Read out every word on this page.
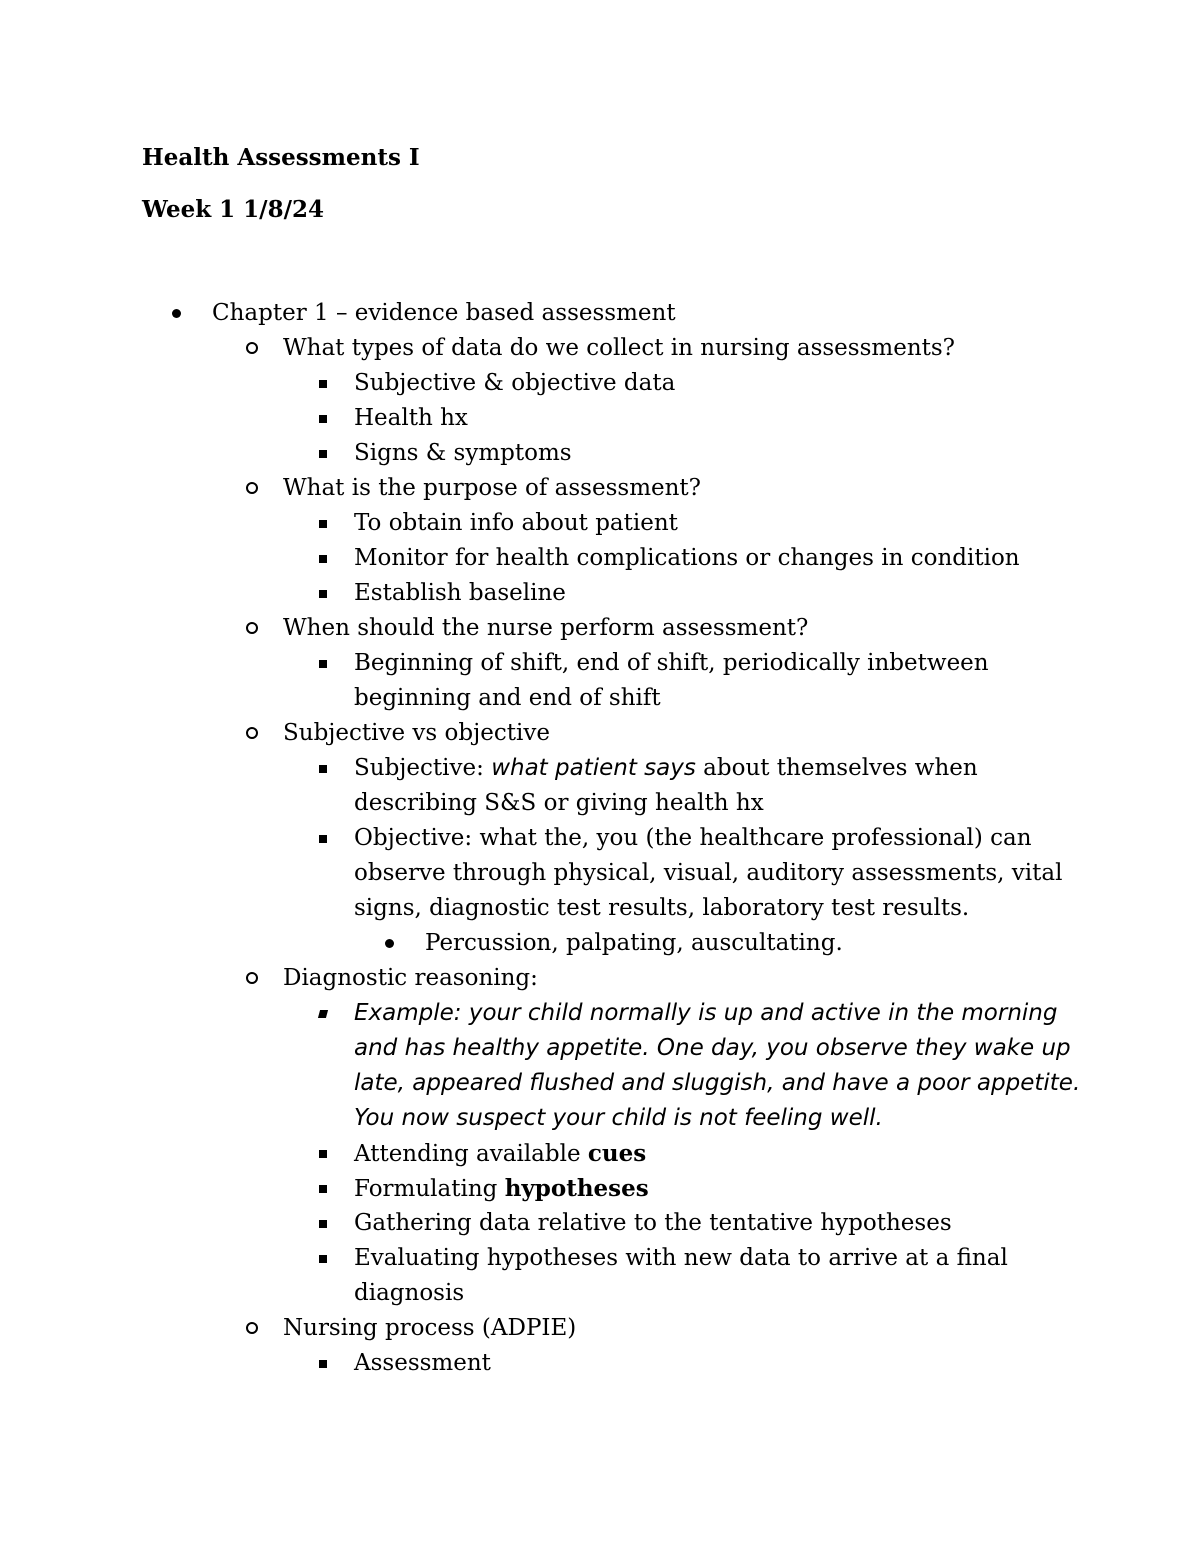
Health Assessments I
Week 1 1/8/24
Chapter 1 – evidence based assessment
What types of data do we collect in nursing assessments?
Subjective & objective data
Health hx
Signs & symptoms
What is the purpose of assessment?
To obtain info about patient
Monitor for health complications or changes in condition
Establish baseline
When should the nurse perform assessment?
Beginning of shift, end of shift, periodically inbetween
beginning and end of shift
Subjective vs objective
Subjective: what patient says about themselves when
describing S&S or giving health hx
Objective: what the, you (the healthcare professional) can
observe through physical, visual, auditory assessments, vital
signs, diagnostic test results, laboratory test results.
Percussion, palpating, auscultating.
Diagnostic reasoning:
Example: your child normally is up and active in the morning
and has healthy appetite. One day, you observe they wake up
late, appeared flushed and sluggish, and have a poor appetite.
You now suspect your child is not feeling well.
Attending available cues
Formulating hypotheses
Gathering data relative to the tentative hypotheses
Evaluating hypotheses with new data to arrive at a final
diagnosis
Nursing process (ADPIE)
Assessment
